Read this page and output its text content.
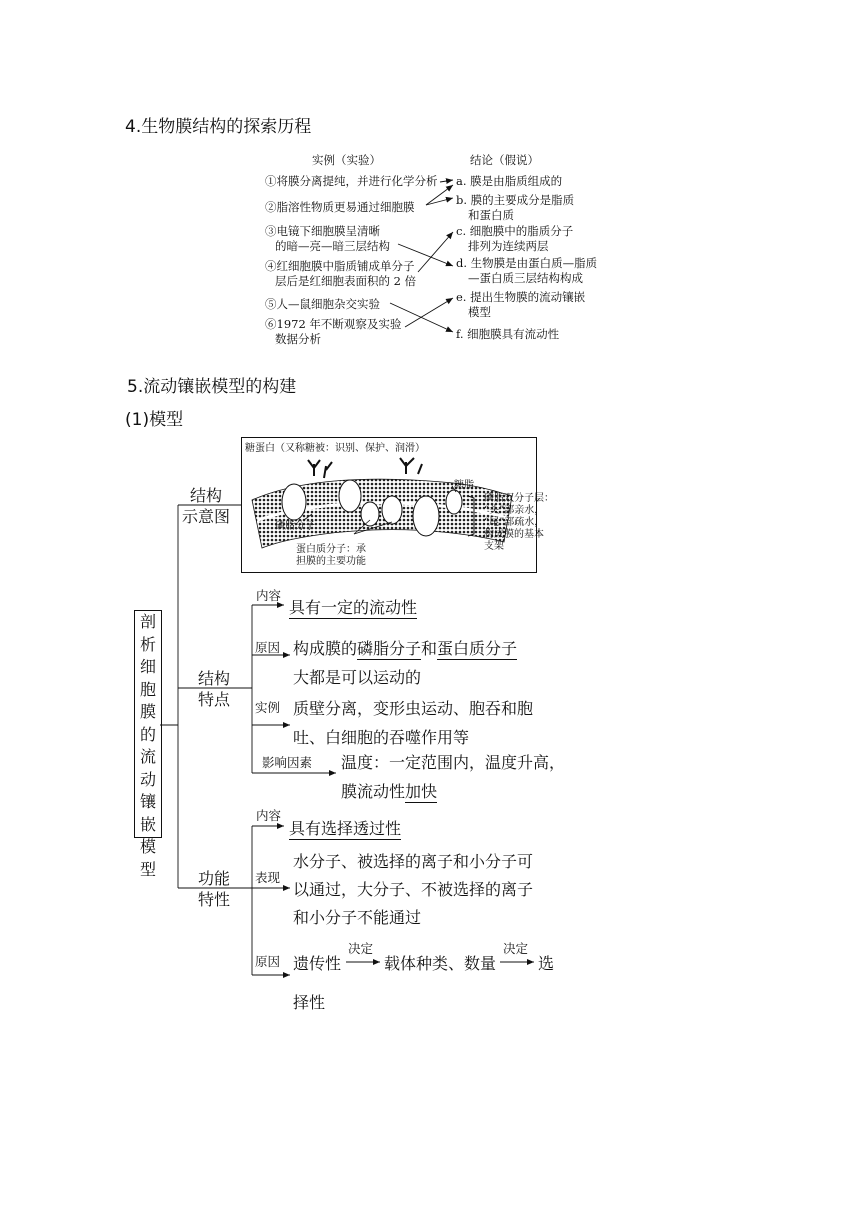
4.生物膜结构的探索历程
实例（实验）	结论（假说）
①将膜分离提纯，并进行化学分析
②脂溶性物质更易通过细胞膜
③电镜下细胞膜呈清晰
的暗—亮—暗三层结构
④红细胞膜中脂质铺成单分子
层后是红细胞表面积的 2 倍
⑤人—鼠细胞杂交实验
⑥1972 年不断观察及实验
数据分析
a. 膜是由脂质组成的
b. 膜的主要成分是脂质
和蛋白质
c. 细胞膜中的脂质分子
排列为连续两层
d. 生物膜是由蛋白质—脂质
—蛋白质三层结构构成
e. 提出生物膜的流动镶嵌
模型
f. 细胞膜具有流动性
5.流动镶嵌模型的构建
(1)模型
剖
析
细
胞
膜
的
流
动
镶
嵌
模
型
结构
示意图
结构
特点
功能
特性
糖蛋白（又称糖被：识别、保护、润滑）
糖脂
磷脂分子
磷脂双分子层：
“头”部亲水，
“尾”部疏水，
构成膜的基本
支架
蛋白质分子：承
担膜的主要功能
内容
具有一定的流动性
原因 构成膜的磷脂分子和蛋白质分子
大都是可以运动的
实例 质壁分离，变形虫运动、胞吞和胞
吐、白细胞的吞噬作用等
影响因素 温度：一定范围内，温度升高，
膜流动性加快
内容
具有选择透过性
表现
水分子、被选择的离子和小分子可
以通过，大分子、不被选择的离子
和小分子不能通过
原因 遗传性
决定
载体种类、数量
决定
选
择性
